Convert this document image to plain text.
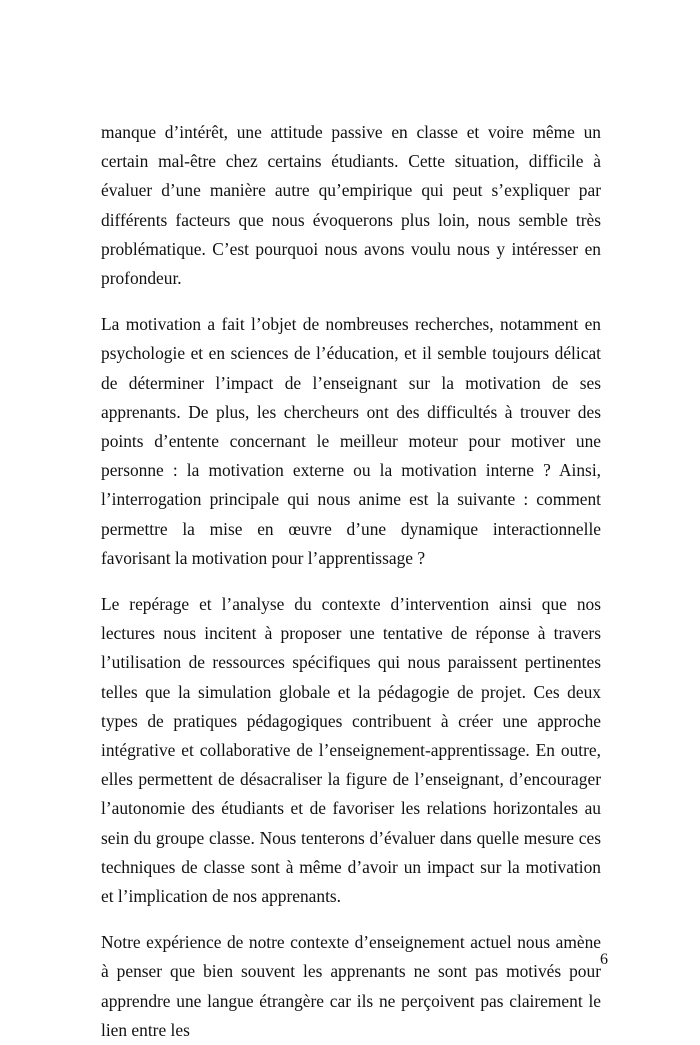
manque d’intérêt, une attitude passive en classe et voire même un certain mal-être chez certains étudiants. Cette situation, difficile à évaluer d’une manière autre qu’empirique qui peut s’expliquer par différents facteurs que nous évoquerons plus loin, nous semble très problématique. C’est pourquoi nous avons voulu nous y intéresser en profondeur.

La motivation a fait l’objet de nombreuses recherches, notamment en psychologie et en sciences de l’éducation, et il semble toujours délicat de déterminer l’impact de l’enseignant sur la motivation de ses apprenants. De plus, les chercheurs ont des difficultés à trouver des points d’entente concernant le meilleur moteur pour motiver une personne : la motivation externe ou la motivation interne ? Ainsi, l’interrogation principale qui nous anime est la suivante : comment permettre la mise en œuvre d’une dynamique interactionnelle favorisant la motivation pour l’apprentissage ?

Le repérage et l’analyse du contexte d’intervention ainsi que nos lectures nous incitent à proposer une tentative de réponse à travers l’utilisation de ressources spécifiques qui nous paraissent pertinentes telles que la simulation globale et la pédagogie de projet. Ces deux types de pratiques pédagogiques contribuent à créer une approche intégrative et collaborative de l’enseignement-apprentissage. En outre, elles permettent de désacraliser la figure de l’enseignant, d’encourager l’autonomie des étudiants et de favoriser les relations horizontales au sein du groupe classe. Nous tenterons d’évaluer dans quelle mesure ces techniques de classe sont à même d’avoir un impact sur la motivation et l’implication de nos apprenants.

Notre expérience de notre contexte d’enseignement actuel nous amène à penser que bien souvent les apprenants ne sont pas motivés pour apprendre une langue étrangère car ils ne perçoivent pas clairement le lien entre les

6
